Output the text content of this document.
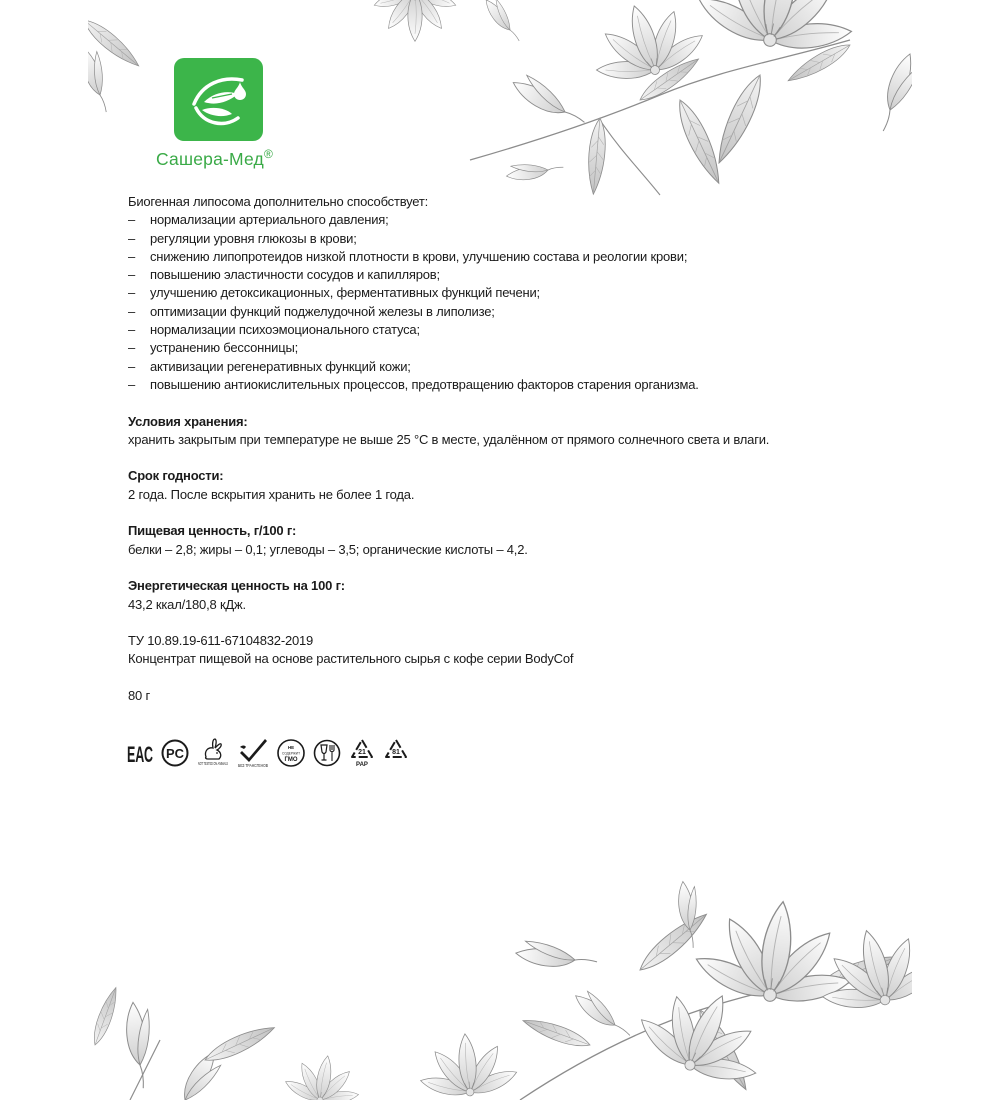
Сашера-Мед®
Биогенная липосома дополнительно способствует:
– нормализации артериального давления;
– регуляции уровня глюкозы в крови;
– снижению липопротеидов низкой плотности в крови, улучшению состава и реологии крови;
– повышению эластичности сосудов и капилляров;
– улучшению детоксикационных, ферментативных функций печени;
– оптимизации функций поджелудочной железы в липолизе;
– нормализации психоэмоционального статуса;
– устранению бессонницы;
– активизации регенеративных функций кожи;
– повышению антиокислительных процессов, предотвращению факторов старения организма.
Условия хранения:
хранить закрытым при температуре не выше 25 °C в месте, удалённом от прямого солнечного света и влаги.
Срок годности:
2 года. После вскрытия хранить не более 1 года.
Пищевая ценность, г/100 г:
белки – 2,8; жиры – 0,1; углеводы – 3,5; органические кислоты – 4,2.
Энергетическая ценность на 100 г:
43,2 ккал/180,8 кДж.
ТУ 10.89.19-611-67104832-2019
Концентрат пищевой на основе растительного сырья с кофе серии BodyCof
80 г
ЕАС PC
NOT TESTED ON ANIMALS БЕЗ ТРАНСГЕНОВ
НЕ
СОДЕРЖИТ
ГМО
21
PAP
81
